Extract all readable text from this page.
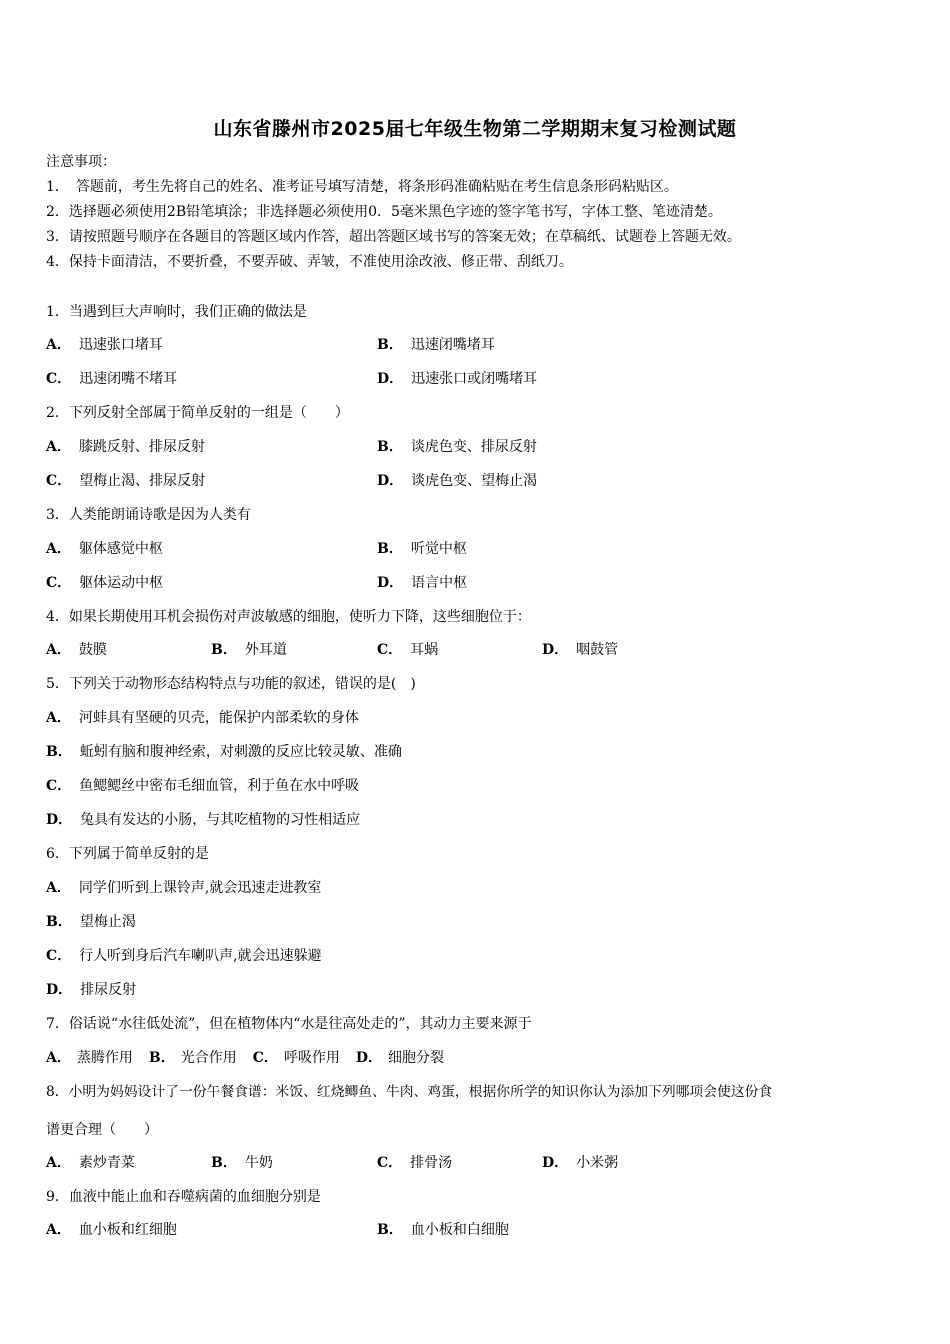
山东省滕州市2025届七年级生物第二学期期末复习检测试题
注意事项：
1．　答题前，考生先将自己的姓名、准考证号填写清楚，将条形码准确粘贴在考生信息条形码粘贴区。
2．选择题必须使用2B铅笔填涂；非选择题必须使用0．5毫米黑色字迹的签字笔书写，字体工整、笔迹清楚。
3．请按照题号顺序在各题目的答题区域内作答，超出答题区域书写的答案无效；在草稿纸、试题卷上答题无效。
4．保持卡面清洁，不要折叠，不要弄破、弄皱，不准使用涂改液、修正带、刮纸刀。
1．当遇到巨大声响时，我们正确的做法是
A． 迅速张口堵耳	B． 迅速闭嘴堵耳
C． 迅速闭嘴不堵耳	D． 迅速张口或闭嘴堵耳
2．下列反射全部属于简单反射的一组是（　　）
A． 膝跳反射、排尿反射	B． 谈虎色变、排尿反射
C． 望梅止渴、排尿反射	D． 谈虎色变、望梅止渴
3．人类能朗诵诗歌是因为人类有
A． 躯体感觉中枢	B． 听觉中枢
C． 躯体运动中枢	D． 语言中枢
4．如果长期使用耳机会损伤对声波敏感的细胞，使听力下降，这些细胞位于：
A． 鼓膜	B． 外耳道	C． 耳蜗	D． 咽鼓管
5．下列关于动物形态结构特点与功能的叙述，错误的是(　)
A． 河蚌具有坚硬的贝壳，能保护内部柔软的身体
B． 蚯蚓有脑和腹神经索，对刺激的反应比较灵敏、准确
C． 鱼鳃鳃丝中密布毛细血管，利于鱼在水中呼吸
D． 兔具有发达的小肠，与其吃植物的习性相适应
6．下列属于简单反射的是
A． 同学们听到上课铃声,就会迅速走进教室
B． 望梅止渴
C． 行人听到身后汽车喇叭声,就会迅速躲避
D． 排尿反射
7．俗话说“水往低处流”，但在植物体内“水是往高处走的”，其动力主要来源于
A． 蒸腾作用 B． 光合作用 C． 呼吸作用 D． 细胞分裂
8．小明为妈妈设计了一份午餐食谱：米饭、红烧鲫鱼、牛肉、鸡蛋，根据你所学的知识你认为添加下列哪项会使这份食
谱更合理（　　）
A． 素炒青菜	B． 牛奶	C． 排骨汤	D． 小米粥
9．血液中能止血和吞噬病菌的血细胞分别是
A． 血小板和红细胞	B． 血小板和白细胞
